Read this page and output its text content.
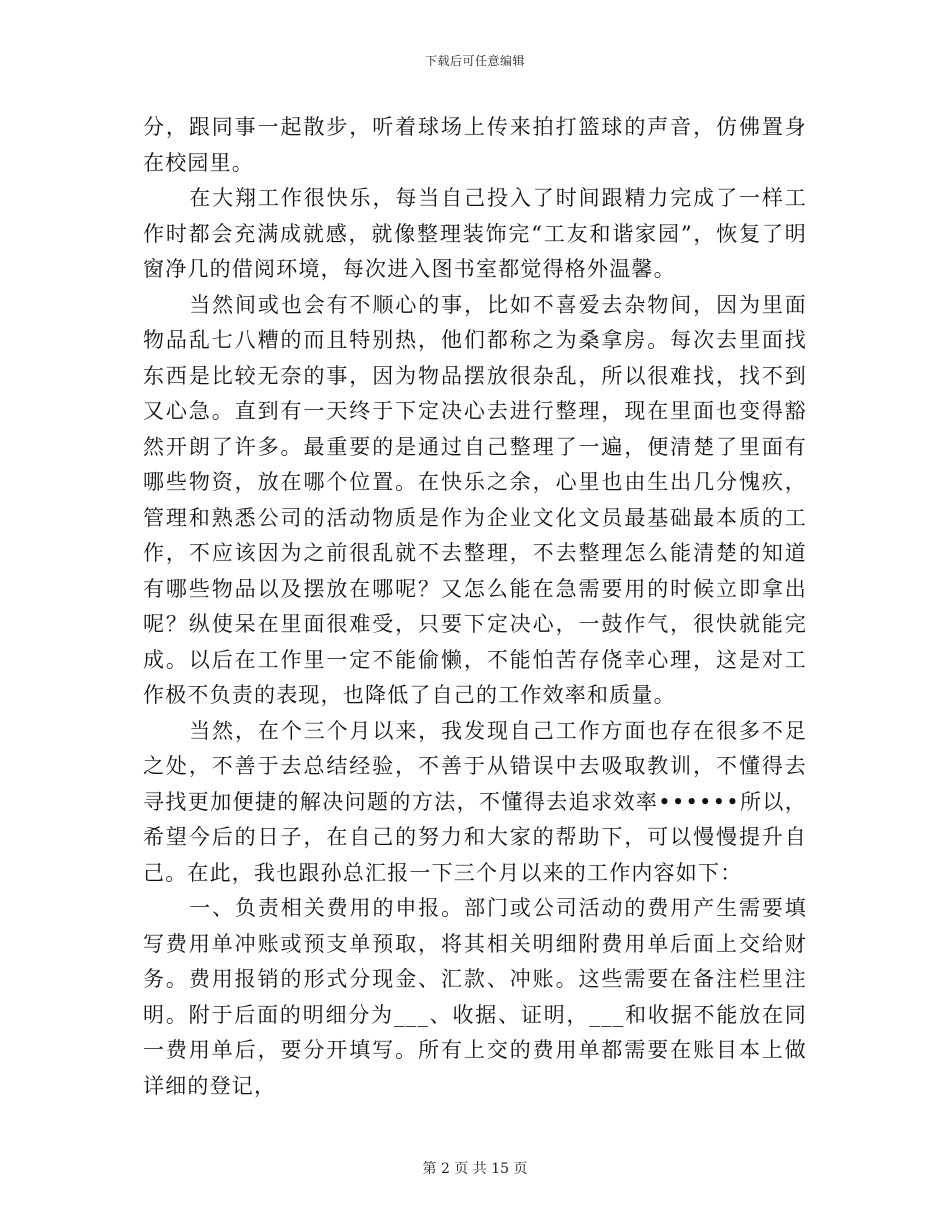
下载后可任意编辑

分，跟同事一起散步，听着球场上传来拍打篮球的声音，仿佛置身在校园里。

在大翔工作很快乐，每当自己投入了时间跟精力完成了一样工作时都会充满成就感，就像整理装饰完“工友和谐家园”，恢复了明窗净几的借阅环境，每次进入图书室都觉得格外温馨。

当然间或也会有不顺心的事，比如不喜爱去杂物间，因为里面物品乱七八糟的而且特别热，他们都称之为桑拿房。每次去里面找东西是比较无奈的事，因为物品摆放很杂乱，所以很难找，找不到又心急。直到有一天终于下定决心去进行整理，现在里面也变得豁然开朗了许多。最重要的是通过自己整理了一遍，便清楚了里面有哪些物资，放在哪个位置。在快乐之余，心里也由生出几分愧疚，管理和熟悉公司的活动物质是作为企业文化文员最基础最本质的工作，不应该因为之前很乱就不去整理，不去整理怎么能清楚的知道有哪些物品以及摆放在哪呢？又怎么能在急需要用的时候立即拿出呢？纵使呆在里面很难受，只要下定决心，一鼓作气，很快就能完成。以后在工作里一定不能偷懒，不能怕苦存侥幸心理，这是对工作极不负责的表现，也降低了自己的工作效率和质量。

当然，在个三个月以来，我发现自己工作方面也存在很多不足之处，不善于去总结经验，不善于从错误中去吸取教训，不懂得去寻找更加便捷的解决问题的方法，不懂得去追求效率••••••所以，希望今后的日子，在自己的努力和大家的帮助下，可以慢慢提升自己。在此，我也跟孙总汇报一下三个月以来的工作内容如下：

一、负责相关费用的申报。部门或公司活动的费用产生需要填写费用单冲账或预支单预取，将其相关明细附费用单后面上交给财务。费用报销的形式分现金、汇款、冲账。这些需要在备注栏里注明。附于后面的明细分为___、收据、证明，___和收据不能放在同一费用单后，要分开填写。所有上交的费用单都需要在账目本上做详细的登记，

第 2 页 共 15 页
